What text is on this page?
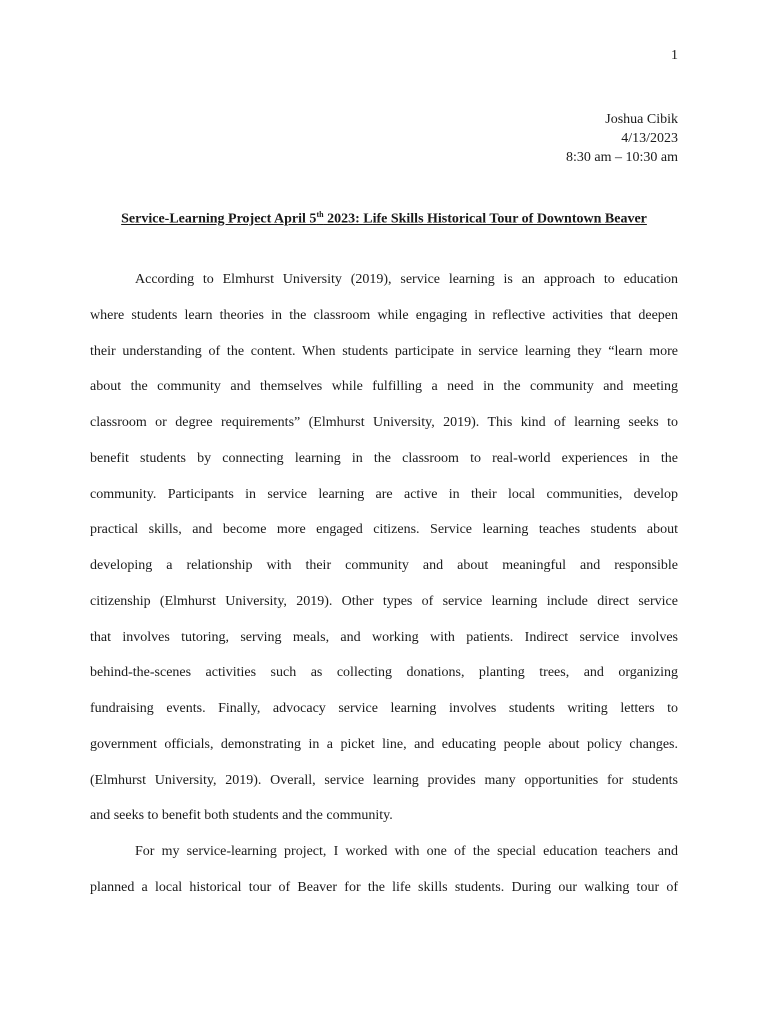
1
Joshua Cibik
4/13/2023
8:30 am – 10:30 am
Service-Learning Project April 5th 2023: Life Skills Historical Tour of Downtown Beaver
According to Elmhurst University (2019), service learning is an approach to education
where students learn theories in the classroom while engaging in reflective activities that deepen
their understanding of the content. When students participate in service learning they “learn more
about the community and themselves while fulfilling a need in the community and meeting
classroom or degree requirements” (Elmhurst University, 2019). This kind of learning seeks to
benefit students by connecting learning in the classroom to real-world experiences in the
community. Participants in service learning are active in their local communities, develop
practical skills, and become more engaged citizens. Service learning teaches students about
developing a relationship with their community and about meaningful and responsible
citizenship (Elmhurst University, 2019). Other types of service learning include direct service
that involves tutoring, serving meals, and working with patients. Indirect service involves
behind-the-scenes activities such as collecting donations, planting trees, and organizing
fundraising events. Finally, advocacy service learning involves students writing letters to
government officials, demonstrating in a picket line, and educating people about policy changes.
(Elmhurst University, 2019). Overall, service learning provides many opportunities for students
and seeks to benefit both students and the community.
For my service-learning project, I worked with one of the special education teachers and
planned a local historical tour of Beaver for the life skills students. During our walking tour of
